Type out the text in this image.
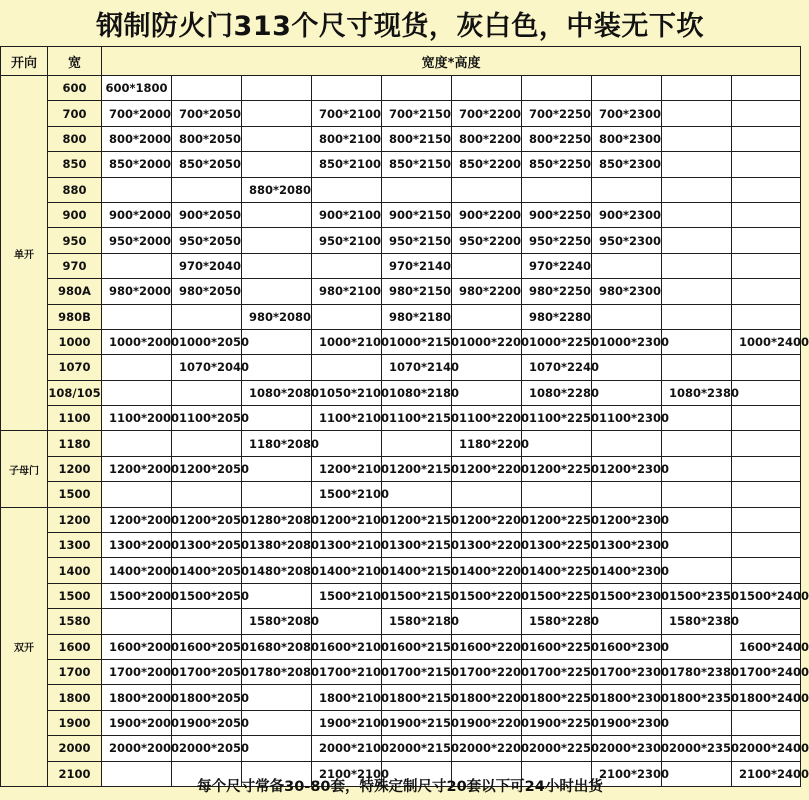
钢制防火门313个尺寸现货，灰白色，中装无下坎
开向	宽	宽度*高度									
单开	600	600*1800									
	700	700*2000	700*2050		700*2100	700*2150	700*2200	700*2250	700*2300		
	800	800*2000	800*2050		800*2100	800*2150	800*2200	800*2250	800*2300		
	850	850*2000	850*2050		850*2100	850*2150	850*2200	850*2250	850*2300		
	880			880*2080							
	900	900*2000	900*2050		900*2100	900*2150	900*2200	900*2250	900*2300		
	950	950*2000	950*2050		950*2100	950*2150	950*2200	950*2250	950*2300		
	970		970*2040			970*2140		970*2240			
	980A	980*2000	980*2050		980*2100	980*2150	980*2200	980*2250	980*2300		
	980B			980*2080		980*2180		980*2280			
	1000	1000*2000	1000*2050		1000*2100	1000*2150	1000*2200	1000*2250	1000*2300		1000*2400
	1070		1070*2040			1070*2140		1070*2240			
	108/105			1080*2080	1050*2100	1080*2180		1080*2280		1080*2380	
	1100	1100*2000	1100*2050		1100*2100	1100*2150	1100*2200	1100*2250	1100*2300		
子母门	1180			1180*2080			1180*2200				
	1200	1200*2000	1200*2050		1200*2100	1200*2150	1200*2200	1200*2250	1200*2300		
	1500				1500*2100						
双开	1200	1200*2000	1200*2050	1280*2080	1200*2100	1200*2150	1200*2200	1200*2250	1200*2300		
	1300	1300*2000	1300*2050	1380*2080	1300*2100	1300*2150	1300*2200	1300*2250	1300*2300		
	1400	1400*2000	1400*2050	1480*2080	1400*2100	1400*2150	1400*2200	1400*2250	1400*2300		
	1500	1500*2000	1500*2050		1500*2100	1500*2150	1500*2200	1500*2250	1500*2300	1500*2350	1500*2400
	1580			1580*2080		1580*2180		1580*2280		1580*2380	
	1600	1600*2000	1600*2050	1680*2080	1600*2100	1600*2150	1600*2200	1600*2250	1600*2300		1600*2400
	1700	1700*2000	1700*2050	1780*2080	1700*2100	1700*2150	1700*2200	1700*2250	1700*2300	1780*2380	1700*2400
	1800	1800*2000	1800*2050		1800*2100	1800*2150	1800*2200	1800*2250	1800*2300	1800*2350	1800*2400
	1900	1900*2000	1900*2050		1900*2100	1900*2150	1900*2200	1900*2250	1900*2300		
	2000	2000*2000	2000*2050		2000*2100	2000*2150	2000*2200	2000*2250	2000*2300	2000*2350	2000*2400
	2100				2100*2100				2100*2300		2100*2400
每个尺寸常备30-80套，特殊定制尺寸20套以下可24小时出货
